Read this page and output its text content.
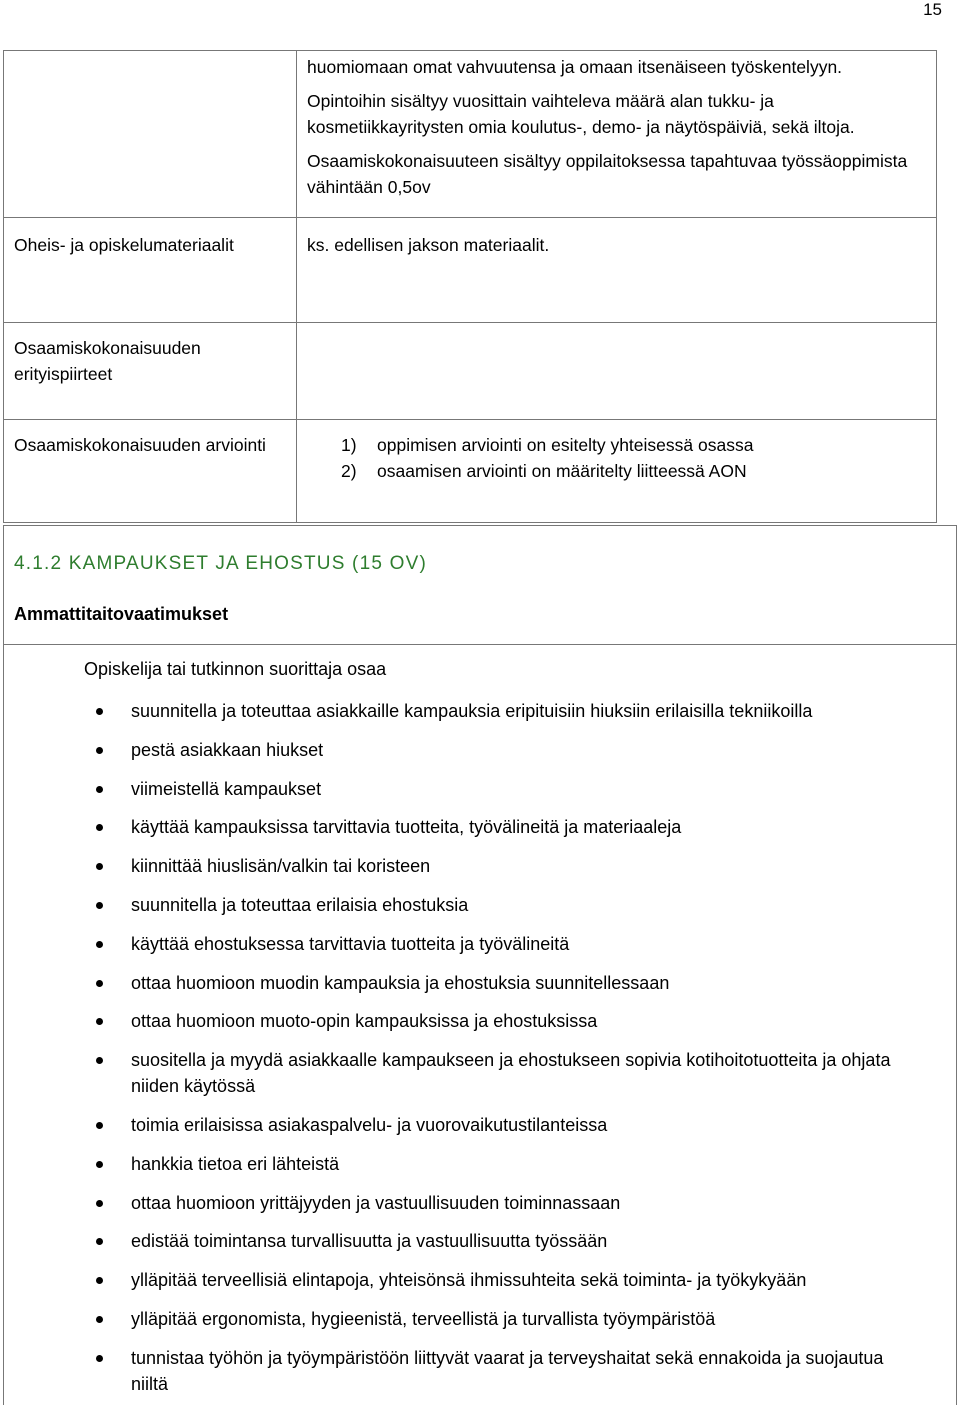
15

	huomiomaan omat vahvuutensa ja omaan itsenäiseen työskentelyyn.

Opintoihin sisältyy vuosittain vaihteleva määrä alan tukku- ja kosmetiikkayritysten omia koulutus-, demo- ja näytöspäiviä, sekä iltoja.

Osaamiskokonaisuuteen sisältyy oppilaitoksessa tapahtuvaa työssäoppimista vähintään 0,5ov

Oheis- ja opiskelumateriaalit	ks. edellisen jakson materiaalit.
Osaamiskokonaisuuden erityispiirteet	
Osaamiskokonaisuuden arviointi	1) oppimisen arviointi on esitelty yhteisessä osassa
2) osaamisen arviointi on määritelty liitteessä AON
4.1.2 KAMPAUKSET JA EHOSTUS (15 OV)
Ammattitaitovaatimukset
Opiskelija tai tutkinnon suorittaja osaa
suunnitella ja toteuttaa asiakkaille kampauksia eripituisiin hiuksiin erilaisilla tekniikoilla
pestä asiakkaan hiukset
viimeistellä kampaukset
käyttää kampauksissa tarvittavia tuotteita, työvälineitä ja materiaaleja
kiinnittää hiuslisän/valkin tai koristeen
suunnitella ja toteuttaa erilaisia ehostuksia
käyttää ehostuksessa tarvittavia tuotteita ja työvälineitä
ottaa huomioon muodin kampauksia ja ehostuksia suunnitellessaan
ottaa huomioon muoto-opin kampauksissa ja ehostuksissa
suositella ja myydä asiakkaalle kampaukseen ja ehostukseen sopivia kotihoitotuotteita ja ohjata niiden käytössä
toimia erilaisissa asiakaspalvelu- ja vuorovaikutustilanteissa
hankkia tietoa eri lähteistä
ottaa huomioon yrittäjyyden ja vastuullisuuden toiminnassaan
edistää toimintansa turvallisuutta ja vastuullisuutta työssään
ylläpitää terveellisiä elintapoja, yhteisönsä ihmissuhteita sekä toiminta- ja työkykyään
ylläpitää ergonomista, hygieenistä, terveellistä ja turvallista työympäristöä
tunnistaa työhön ja työympäristöön liittyvät vaarat ja terveyshaitat sekä ennakoida ja suojautua niiltä
